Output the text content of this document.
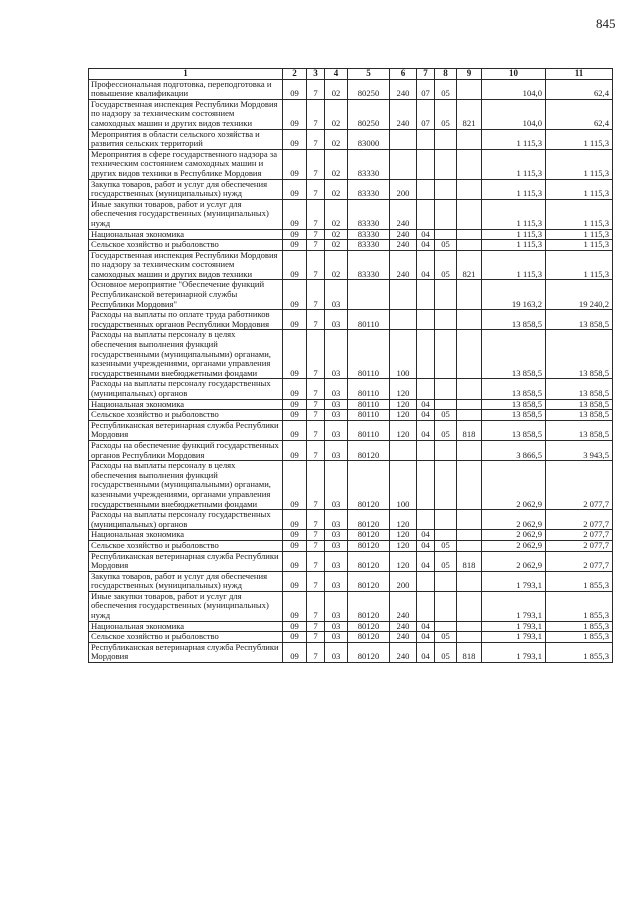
845
1	2	3	4	5	6	7	8	9	10	11
Профессиональная подготовка, переподготовка и повышение квалификации	09	7	02	80250	240	07	05		104,0	62,4
Государственная инспекция Республики Мордовия по надзору за техническим состоянием самоходных машин и других видов техники	09	7	02	80250	240	07	05	821	104,0	62,4
Мероприятия в области сельского хозяйства и развития сельских территорий	09	7	02	83000					1 115,3	1 115,3
Мероприятия в сфере государственного надзора за техническим состоянием самоходных машин и других видов техники в Республике Мордовия	09	7	02	83330					1 115,3	1 115,3
Закупка товаров, работ и услуг для обеспечения государственных (муниципальных) нужд	09	7	02	83330	200				1 115,3	1 115,3
Иные закупки товаров, работ и услуг для обеспечения государственных (муниципальных) нужд	09	7	02	83330	240				1 115,3	1 115,3
Национальная экономика	09	7	02	83330	240	04			1 115,3	1 115,3
Сельское хозяйство и рыболовство	09	7	02	83330	240	04	05		1 115,3	1 115,3
Государственная инспекция Республики Мордовия по надзору за техническим состоянием самоходных машин и других видов техники	09	7	02	83330	240	04	05	821	1 115,3	1 115,3
Основное мероприятие "Обеспечение функций Республиканской ветеринарной службы Республики Мордовия"	09	7	03						19 163,2	19 240,2
Расходы на выплаты по оплате труда работников государственных органов Республики Мордовия	09	7	03	80110					13 858,5	13 858,5
Расходы на выплаты персоналу в целях обеспечения выполнения функций государственными (муниципальными) органами, казенными учреждениями, органами управления государственными внебюджетными фондами	09	7	03	80110	100				13 858,5	13 858,5
Расходы на выплаты персоналу государственных (муниципальных) органов	09	7	03	80110	120				13 858,5	13 858,5
Национальная экономика	09	7	03	80110	120	04			13 858,5	13 858,5
Сельское хозяйство и рыболовство	09	7	03	80110	120	04	05		13 858,5	13 858,5
Республиканская ветеринарная служба Республики Мордовия	09	7	03	80110	120	04	05	818	13 858,5	13 858,5
Расходы на обеспечение функций государственных органов Республики Мордовия	09	7	03	80120					3 866,5	3 943,5
Расходы на выплаты персоналу в целях обеспечения выполнения функций государственными (муниципальными) органами, казенными учреждениями, органами управления государственными внебюджетными фондами	09	7	03	80120	100				2 062,9	2 077,7
Расходы на выплаты персоналу государственных (муниципальных) органов	09	7	03	80120	120				2 062,9	2 077,7
Национальная экономика	09	7	03	80120	120	04			2 062,9	2 077,7
Сельское хозяйство и рыболовство	09	7	03	80120	120	04	05		2 062,9	2 077,7
Республиканская ветеринарная служба Республики Мордовия	09	7	03	80120	120	04	05	818	2 062,9	2 077,7
Закупка товаров, работ и услуг для обеспечения государственных (муниципальных) нужд	09	7	03	80120	200				1 793,1	1 855,3
Иные закупки товаров, работ и услуг для обеспечения государственных (муниципальных) нужд	09	7	03	80120	240				1 793,1	1 855,3
Национальная экономика	09	7	03	80120	240	04			1 793,1	1 855,3
Сельское хозяйство и рыболовство	09	7	03	80120	240	04	05		1 793,1	1 855,3
Республиканская ветеринарная служба Республики Мордовия	09	7	03	80120	240	04	05	818	1 793,1	1 855,3
